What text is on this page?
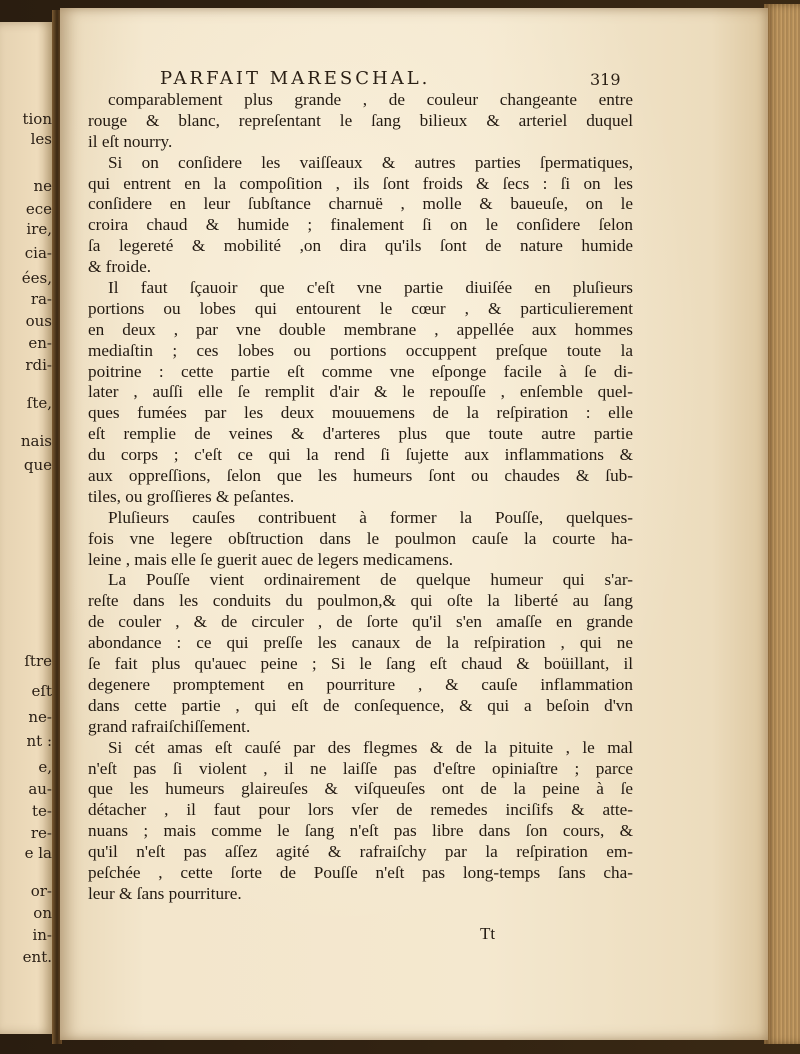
tion
les
ne
ece
ire,
cia-
ées,
ra-
ous
en-
rdi-
ſte,
nais
que
ſtre
eſt
ne-
nt :
e,
au-
te-
re-
e la
or-
on
in-
ent.
PARFAIT MARESCHAL.	319
comparablement plus grande , de couleur changeante entre
rouge & blanc, repreſentant le ſang bilieux & arteriel duquel
il eſt nourry.
Si on conſidere les vaiſſeaux & autres parties ſpermatiques,
qui entrent en la compoſition , ils ſont froids & ſecs : ſi on les
conſidere en leur ſubſtance charnuë , molle & baueuſe, on le
croira chaud & humide ; finalement ſi on le conſidere ſelon
ſa legereté & mobilité ,on dira qu'ils ſont de nature humide
& froide.
Il faut ſçauoir que c'eſt vne partie diuiſée en pluſieurs
portions ou lobes qui entourent le cœur , & particulierement
en deux , par vne double membrane , appellée aux hommes
mediaſtin ; ces lobes ou portions occuppent preſque toute la
poitrine : cette partie eſt comme vne eſponge facile à ſe di-
later , auſſi elle ſe remplit d'air & le repouſſe , enſemble quel-
ques fumées par les deux mouuemens de la reſpiration : elle
eſt remplie de veines & d'arteres plus que toute autre partie
du corps ; c'eſt ce qui la rend ſi ſujette aux inflammations &
aux oppreſſions, ſelon que les humeurs ſont ou chaudes & ſub-
tiles, ou groſſieres & peſantes.
Pluſieurs cauſes contribuent à former la Pouſſe, quelques-
fois vne legere obſtruction dans le poulmon cauſe la courte ha-
leine , mais elle ſe guerit auec de legers medicamens.
La Pouſſe vient ordinairement de quelque humeur qui s'ar-
reſte dans les conduits du poulmon,& qui oſte la liberté au ſang
de couler , & de circuler , de ſorte qu'il s'en amaſſe en grande
abondance : ce qui preſſe les canaux de la reſpiration , qui ne
ſe fait plus qu'auec peine ; Si le ſang eſt chaud & boüillant, il
degenere promptement en pourriture , & cauſe inflammation
dans cette partie , qui eſt de conſequence, & qui a beſoin d'vn
grand rafraiſchiſſement.
Si cét amas eſt cauſé par des flegmes & de la pituite , le mal
n'eſt pas ſi violent , il ne laiſſe pas d'eſtre opiniaſtre ; parce
que les humeurs glaireuſes & viſqueuſes ont de la peine à ſe
détacher , il faut pour lors vſer de remedes inciſifs & atte-
nuans ; mais comme le ſang n'eſt pas libre dans ſon cours, &
qu'il n'eſt pas aſſez agité & rafraiſchy par la reſpiration em-
peſchée , cette ſorte de Pouſſe n'eſt pas long-temps ſans cha-
leur & ſans pourriture.
Tt
